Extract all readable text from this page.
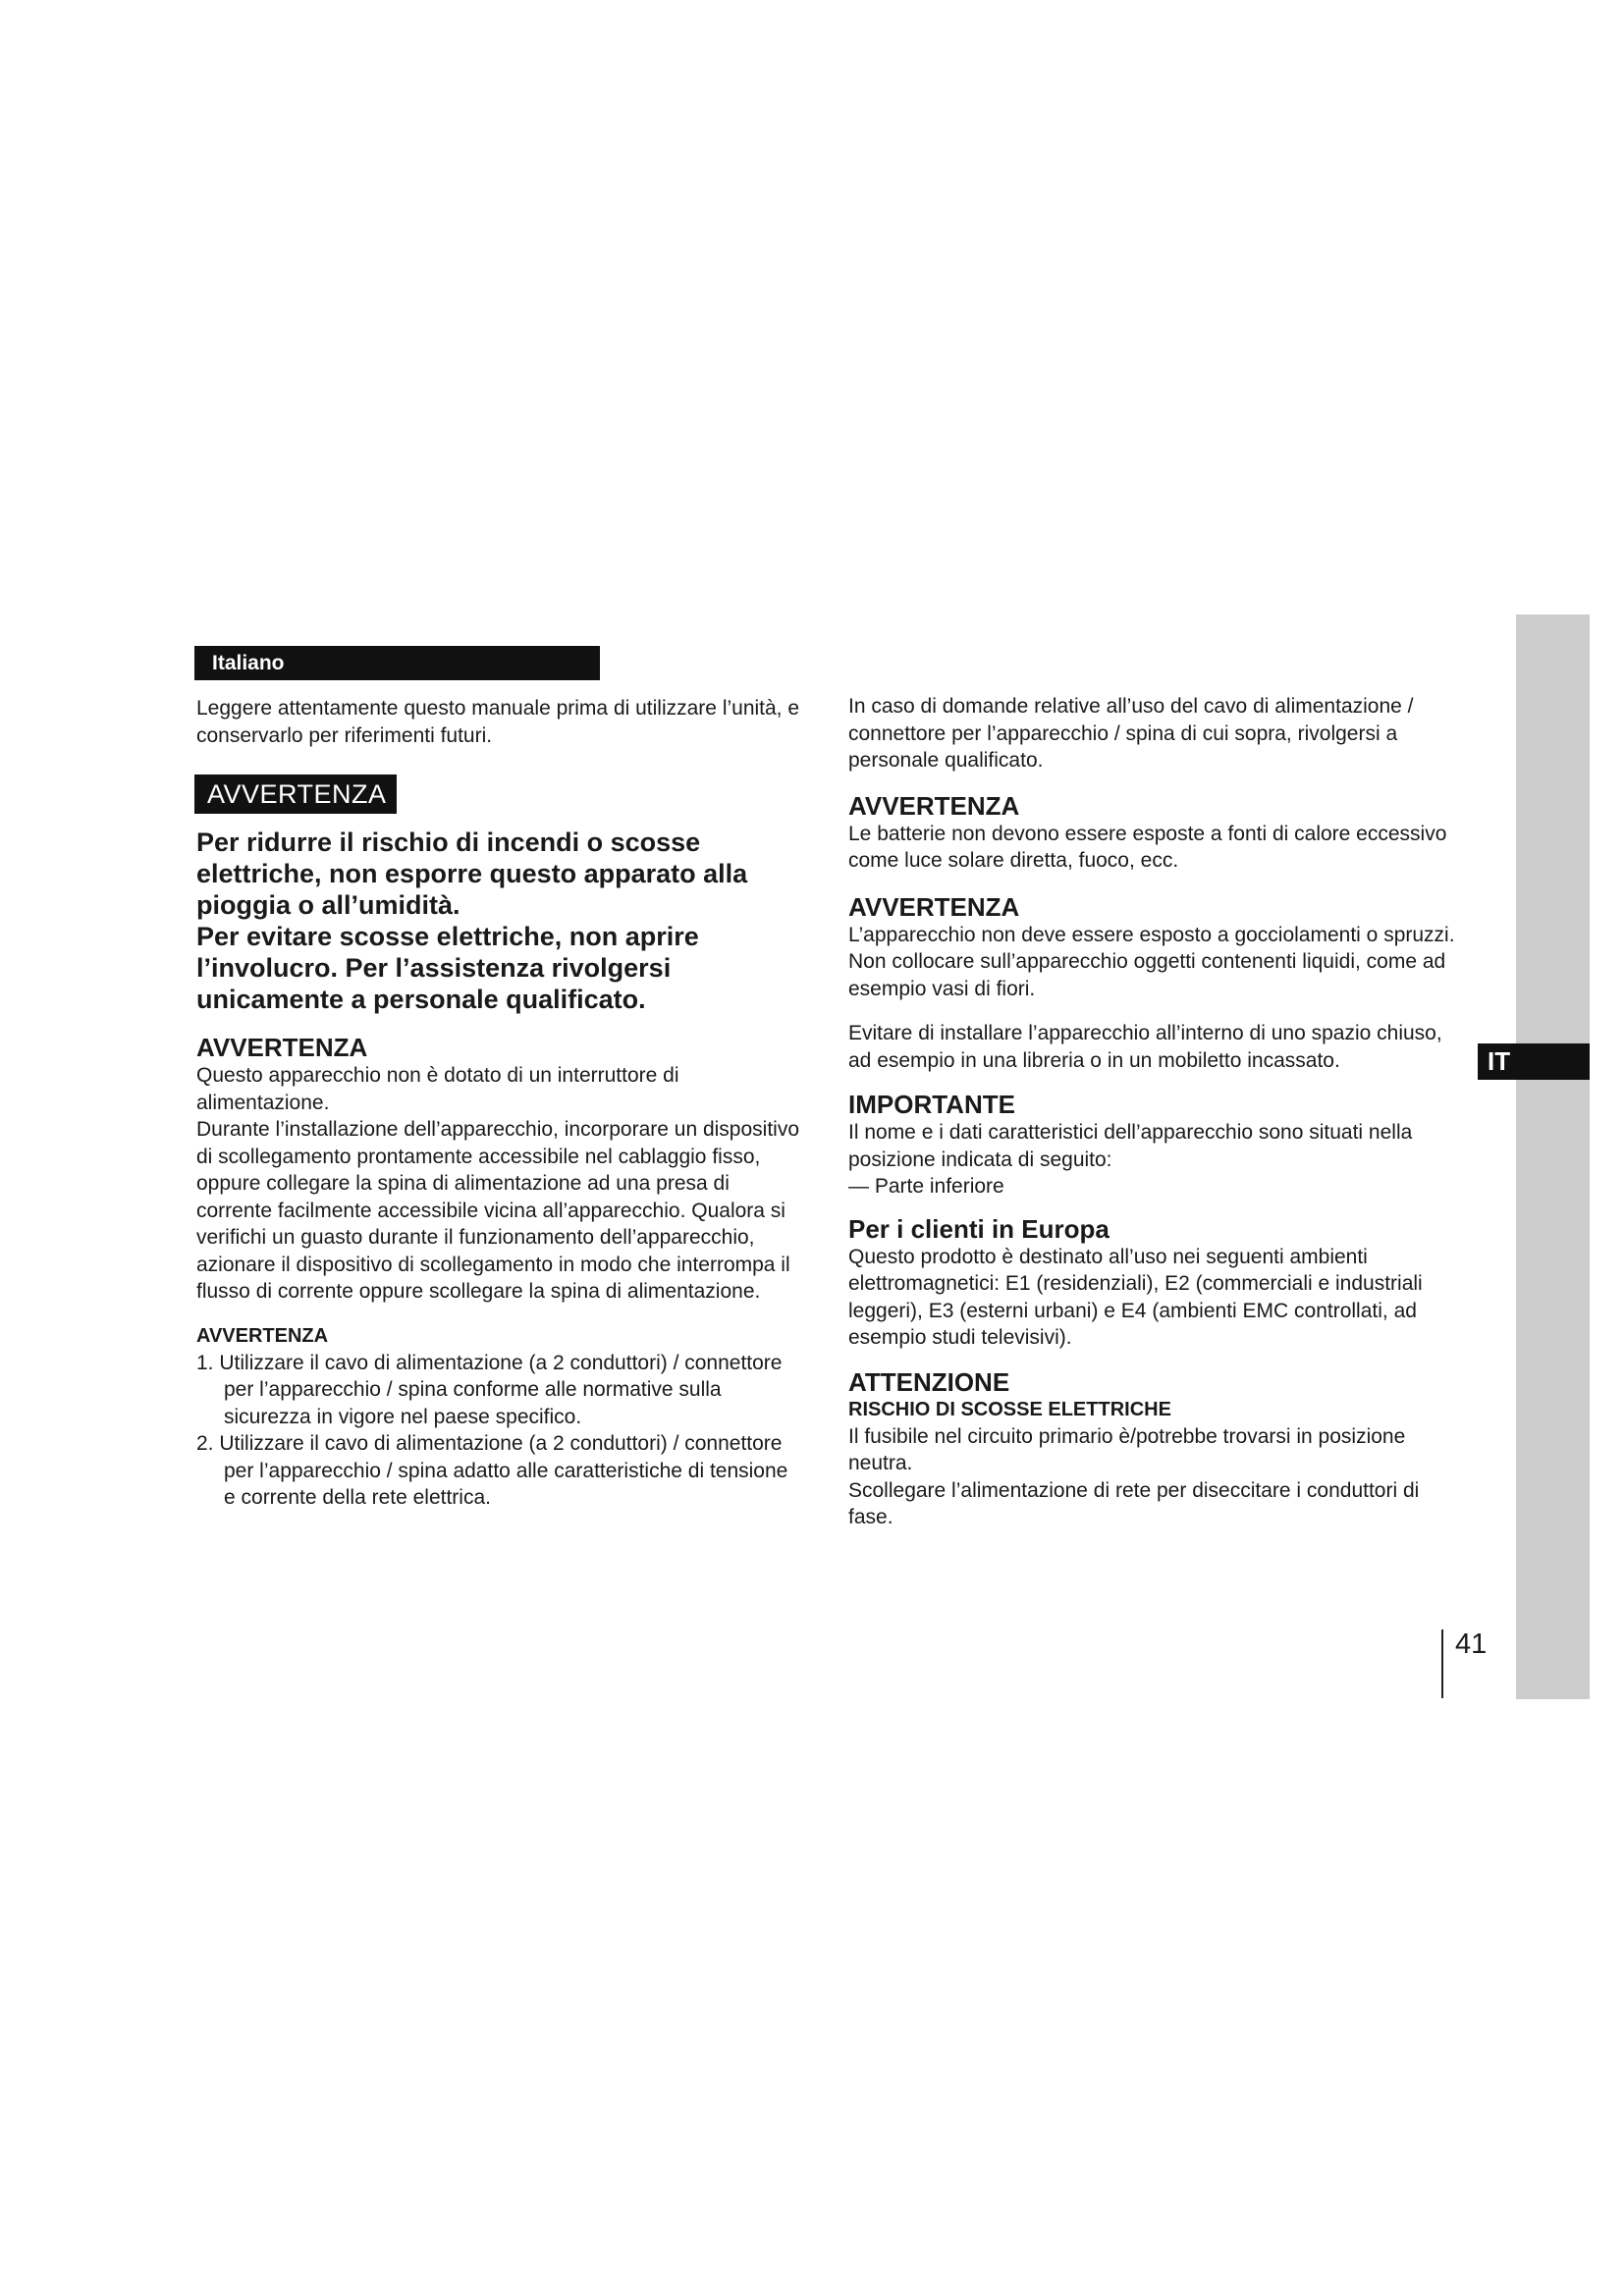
Italiano

Leggere attentamente questo manuale prima di utilizzare l’unità, e conservarlo per riferimenti futuri.

AVVERTENZA

Per ridurre il rischio di incendi o scosse elettriche, non esporre questo apparato alla pioggia o all’umidità.

Per evitare scosse elettriche, non aprire l’involucro. Per l’assistenza rivolgersi unicamente a personale qualificato.

AVVERTENZA

Questo apparecchio non è dotato di un interruttore di alimentazione.

Durante l’installazione dell’apparecchio, incorporare un dispositivo di scollegamento prontamente accessibile nel cablaggio fisso, oppure collegare la spina di alimentazione ad una presa di corrente facilmente accessibile vicina all’apparecchio. Qualora si verifichi un guasto durante il funzionamento dell’apparecchio, azionare il dispositivo di scollegamento in modo che interrompa il flusso di corrente oppure scollegare la spina di alimentazione.

AVVERTENZA
1. Utilizzare il cavo di alimentazione (a 2 conduttori) / connettore per l’apparecchio / spina conforme alle normative sulla sicurezza in vigore nel paese specifico.
2. Utilizzare il cavo di alimentazione (a 2 conduttori) / connettore per l’apparecchio / spina adatto alle caratteristiche di tensione e corrente della rete elettrica.

In caso di domande relative all’uso del cavo di alimentazione / connettore per l’apparecchio / spina di cui sopra, rivolgersi a personale qualificato.

AVVERTENZA

Le batterie non devono essere esposte a fonti di calore eccessivo come luce solare diretta, fuoco, ecc.

AVVERTENZA

L’apparecchio non deve essere esposto a gocciolamenti o spruzzi. Non collocare sull’apparecchio oggetti contenenti liquidi, come ad esempio vasi di fiori.

Evitare di installare l’apparecchio all’interno di uno spazio chiuso, ad esempio in una libreria o in un mobiletto incassato.

IMPORTANTE

Il nome e i dati caratteristici dell’apparecchio sono situati nella posizione indicata di seguito:

— Parte inferiore

Per i clienti in Europa

Questo prodotto è destinato all’uso nei seguenti ambienti elettromagnetici: E1 (residenziali), E2 (commerciali e industriali leggeri), E3 (esterni urbani) e E4 (ambienti EMC controllati, ad esempio studi televisivi).

ATTENZIONE
RISCHIO DI SCOSSE ELETTRICHE

Il fusibile nel circuito primario è/potrebbe trovarsi in posizione neutra.

Scollegare l’alimentazione di rete per diseccitare i conduttori di fase.

IT
41
